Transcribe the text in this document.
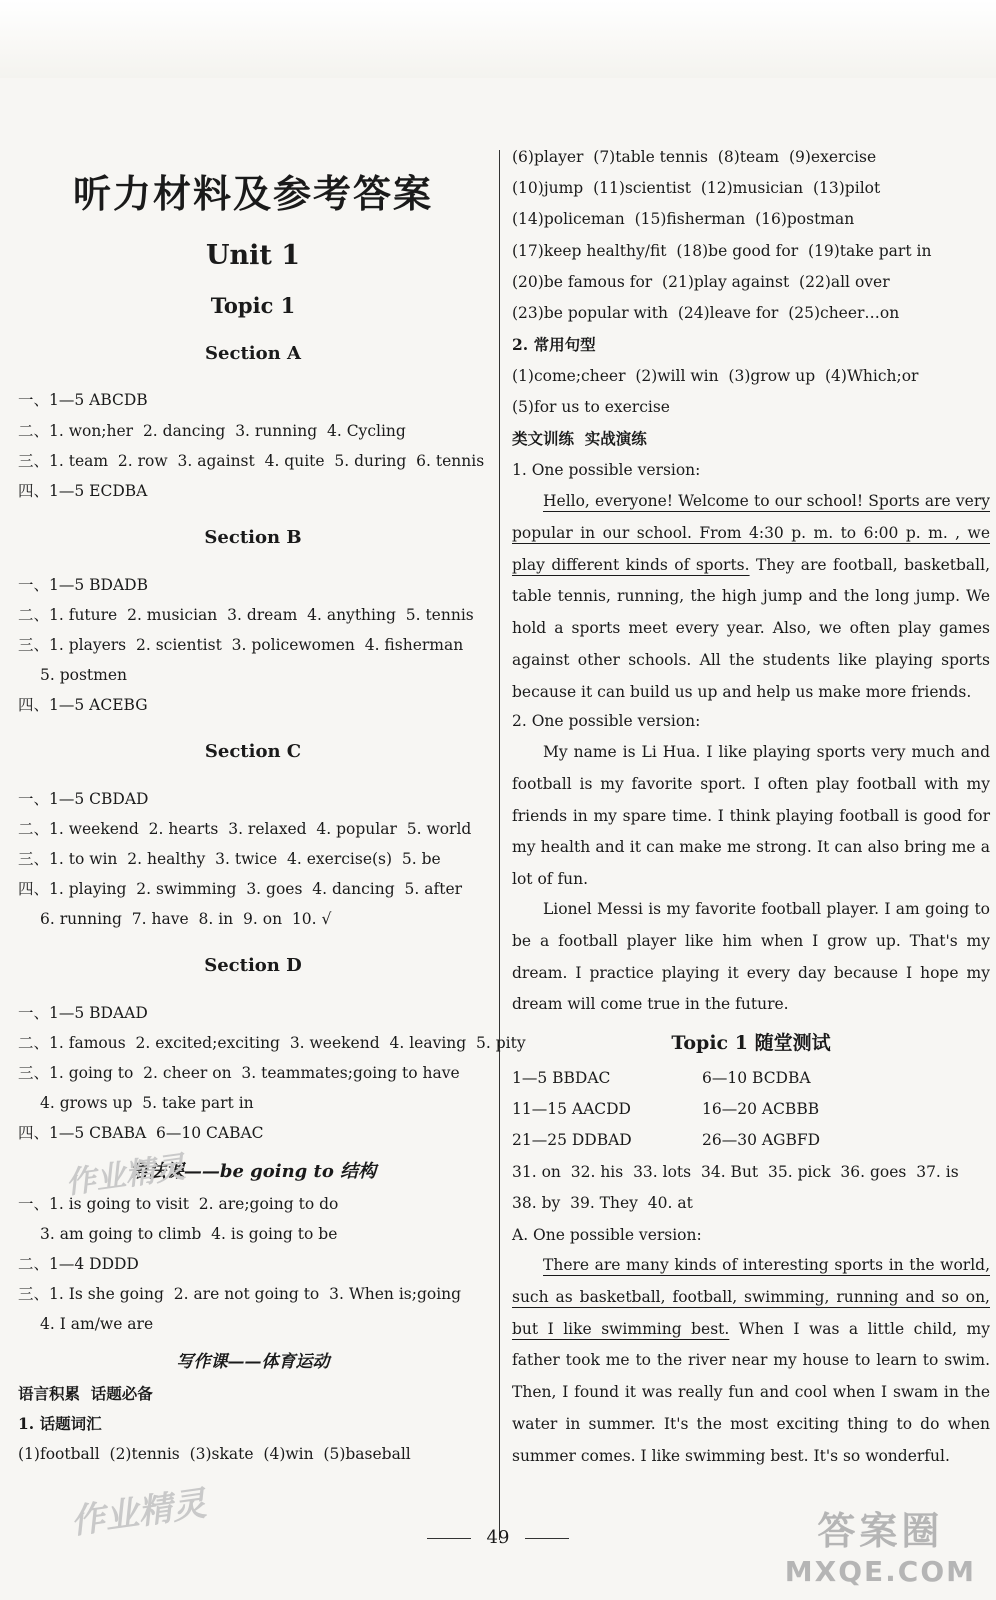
听力材料及参考答案
Unit 1
Topic 1
Section A
一、1—5 ABCDB
二、1. won;her  2. dancing  3. running  4. Cycling
三、1. team  2. row  3. against  4. quite  5. during  6. tennis
四、1—5 ECDBA
Section B
一、1—5 BDADB
二、1. future  2. musician  3. dream  4. anything  5. tennis
三、1. players  2. scientist  3. policewomen  4. fisherman
5. postmen
四、1—5 ACEBG
Section C
一、1—5 CBDAD
二、1. weekend  2. hearts  3. relaxed  4. popular  5. world
三、1. to win  2. healthy  3. twice  4. exercise(s)  5. be
四、1. playing  2. swimming  3. goes  4. dancing  5. after
6. running  7. have  8. in  9. on  10. √
Section D
一、1—5 BDAAD
二、1. famous  2. excited;exciting  3. weekend  4. leaving  5. pity
三、1. going to  2. cheer on  3. teammates;going to have
4. grows up  5. take part in
四、1—5 CBABA  6—10 CABAC
语法课——be going to 结构
一、1. is going to visit  2. are;going to do
3. am going to climb  4. is going to be
二、1—4 DDDD
三、1. Is she going  2. are not going to  3. When is;going
4. I am/we are
写作课——体育运动
语言积累  话题必备
1. 话题词汇
(1)football  (2)tennis  (3)skate  (4)win  (5)baseball
(6)player  (7)table tennis  (8)team  (9)exercise
(10)jump  (11)scientist  (12)musician  (13)pilot
(14)policeman  (15)fisherman  (16)postman
(17)keep healthy/fit  (18)be good for  (19)take part in
(20)be famous for  (21)play against  (22)all over
(23)be popular with  (24)leave for  (25)cheer…on
2. 常用句型
(1)come;cheer  (2)will win  (3)grow up  (4)Which;or
(5)for us to exercise
类文训练  实战演练
1. One possible version:

Hello, everyone! Welcome to our school! Sports are very popular in our school. From 4:30 p. m. to 6:00 p. m. , we play different kinds of sports. They are football, basketball, table tennis, running, the high jump and the long jump. We hold a sports meet every year. Also, we often play games against other schools. All the students like playing sports because it can build us up and help us make more friends.

2. One possible version:

My name is Li Hua. I like playing sports very much and football is my favorite sport. I often play football with my friends in my spare time. I think playing football is good for my health and it can make me strong. It can also bring me a lot of fun.

Lionel Messi is my favorite football player. I am going to be a football player like him when I grow up. That's my dream. I practice playing it every day because I hope my dream will come true in the future.

Topic 1 随堂测试
1—5 BBDAC	6—10 BCDBA
11—15 AACDD	16—20 ACBBB
21—25 DDBAD	26—30 AGBFD
31. on  32. his  33. lots  34. But  35. pick  36. goes  37. is
38. by  39. They  40. at
A. One possible version:

There are many kinds of interesting sports in the world, such as basketball, football, swimming, running and so on, but I like swimming best. When I was a little child, my father took me to the river near my house to learn to swim. Then, I found it was really fun and cool when I swam in the water in summer. It's the most exciting thing to do when summer comes. I like swimming best. It's so wonderful.

49
作业精灵
作业精灵	答案圈
MXQE.COM
